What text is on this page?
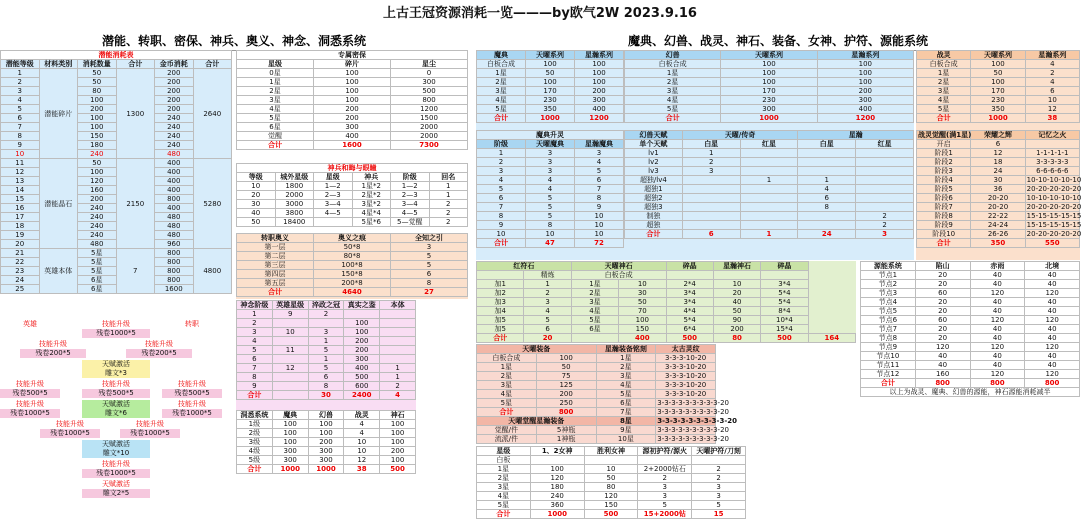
上古王冠资源消耗一览———by欧气2W 2023.9.16
潜能、转职、密保、神兵、奥义、神念、洞悉系统
潜能消耗表					
潜能等级	材料类别	消耗数量	合计	金币消耗	合计
1	潜能碎片	50	1300	200	2640
2		50		200	
3		80		200	
4		100		200	
5		200		200	
6		100		240	
7		100		240	
8		150		240	
9		180		240	
10		240		480	
11	潜能晶石	50	2150	400	5280
12		100		400	
13		120		400	
14		160		400	
15		200		800	
16		240		400	
17		240		480	
18		240		480	
19		240		480	
20		480		960	
21	英雄本体	5星	7	800	4800
22		5星		800	
23		5星		800	
24		6星		800	
25		6星		1600	
专属密保		
星级	碎片	星尘
0星	100	0
1星	100	300
2星	100	500
3星	100	800
4星	200	1200
5星	200	1500
6星	300	2000
觉醒	400	2000
合计	1600	7300
神兵和晦与眼瞳					
等级	城外星级	星级	神兵	阶级	回名
10	1800	1—2	1星*2	1—2	1
20	2000	2—3	2星*2	2—3	1
30	3000	3—4	3星*2	3—4	2
40	3800	4—5	4星*4	4—5	2
50	18400		5星*6	5—觉醒	2
转职奥义	奥义之痕	全知之引
第一层	50*8	3
第二层	80*8	5
第三层	100*8	5
第四层	150*8	6
第五层	200*8	8
合计	4640	27
神念阶级	英雄星级	淬政之冠	真实之鉴	本体
1	9	2		
2			100	
3	10	3	100	
4		1	200	
5	11	5	200	
6		1	300	
7	12	5	400	1
8		6	500	1
9		8	600	2
合计		30	2400	4
洞悉系统	魔典	幻兽	战灵	神石
1级	100	100	4	100
2级	100	100	4	100
3级	100	200	10	100
4级	300	300	10	200
5级	300	300	12	100
合计	1000	1000	38	500
英雄	技能升级	转职
残卷1000*5
技能升级	技能升级
残卷200*5	残卷200*5
天赋激活
雕文*3
技能升级	技能升级	技能升级
残卷500*5	残卷500*5	残卷500*5
技能升级	天赋激活	技能升级
残卷1000*5	雕文*6	残卷1000*5
技能升级	技能升级
残卷1000*5	残卷1000*5
天赋激活
雕文*10
技能升级
残卷1000*5
天赋激活
雕文2*5
魔典、幻兽、战灵、神石、装备、女神、护符、源能系统
魔典	天曜系列	星瀚系列
白板合成	100	100
1星	50	100
2星	100	100
3星	170	200
4星	230	300
5星	350	400
合计	1000	1200
幻兽	天曜系列	星瀚系列
白板合成	100	100
1星	100	100
2星	100	100
3星	170	200
4星	230	300
5星	300	400
合计	1000	1200
战灵	天曜系列	星瀚系列
白板合成	100	4
1星	50	2
2星	100	4
3星	170	6
4星	230	10
5星	350	12
合计	1000	38
魔典升灵		
阶级	天曜魔典	星瀚魔典
1	3	3
2	3	4
3	3	5
4	4	6
5	4	7
6	5	8
7	5	9
8	5	10
9	8	10
10	10	10
合计	47	72
幻兽天赋	天曜/传奇		星瀚	
单个天赋	白星	红星	白星	红星
lv1	1			
lv2	2			
lv3	3			
超独/lv4		1	1	
超独1			4	
超独2			6	
超独3			8	
制独				2
超独				2
合计	6	1	24	3
战灵觉醒(满1星)	荣耀之辉	记忆之火
开启	6	
阶段1	12	1-1-1-1-1
阶段2	18	3-3-3-3-3
阶段3	24	6-6-6-6-6
阶段4	30	10-10-10-10-10
阶段5	36	20-20-20-20-20
阶段6	20-20	10-10-10-10-10
阶段7	20-20	20-20-20-20-20
阶段8	22-22	15-15-15-15-15
阶段9	24-24	15-15-15-15-15
阶段10	26-26	20-20-20-20-20
合计	350	550
红符石		天曜神石		碎晶	星瀚神石	碎晶	
	精炼	白板合成					
加1	1	1星	10	2*4	10	3*4	
加2	2	2星	30	3*4	20	5*4	
加3	3	3星	50	3*4	40	5*4	
加4	4	4星	70	4*4	50	8*4	
加5	5	5星	100	5*4	90	10*4	
加5	6	6星	150	6*4	200	15*4	
合计	20		400	500	80	500	164
源能系统	陷山	赤雨	北境
节点1	20	40	40
节点2	20	40	40
节点3	60	120	120
节点4	20	40	40
节点5	20	40	40
节点6	60	120	120
节点7	20	40	40
节点8	20	40	40
节点9	120	120	120
节点10	40	40	40
节点11	40	40	40
节点12	160	120	120
合计	800	800	800
以上为战灵、魔典、幻兽的源能，神石源能消耗减半			
天曜装备		星瀚装备铭刻	太古灵纹
白板合成	100	1星	3-3-3-10-20
1星	50	2星	3-3-3-10-20
2星	75	3星	3-3-3-10-20
3星	125	4星	3-3-3-10-20
4星	200	5星	3-3-3-10-20
5星	250	6星	3-3-3-3-3-3-3-3-3-20
合计	800	7星	3-3-3-3-3-3-3-3-3-20
天曜堂醒星瀚装备		8星	3-3-3-3-3-3-3-3-3-20
觉醒/件	5神瓶	9星	3-3-3-3-3-3-3-3-3-20
流派/件	1神瓶	10星	3-3-3-3-3-3-3-3-3-20
星级	1、2女神	胜利女神	源初护符/源火	天曜护符/刀刻
白板				
1星	100	10	2+2000钻石	2
2星	120	50	2	2
3星	180	80	3	3
4星	240	120	3	3
5星	360	150	5	5
合计	1000	500	15+2000钻	15
